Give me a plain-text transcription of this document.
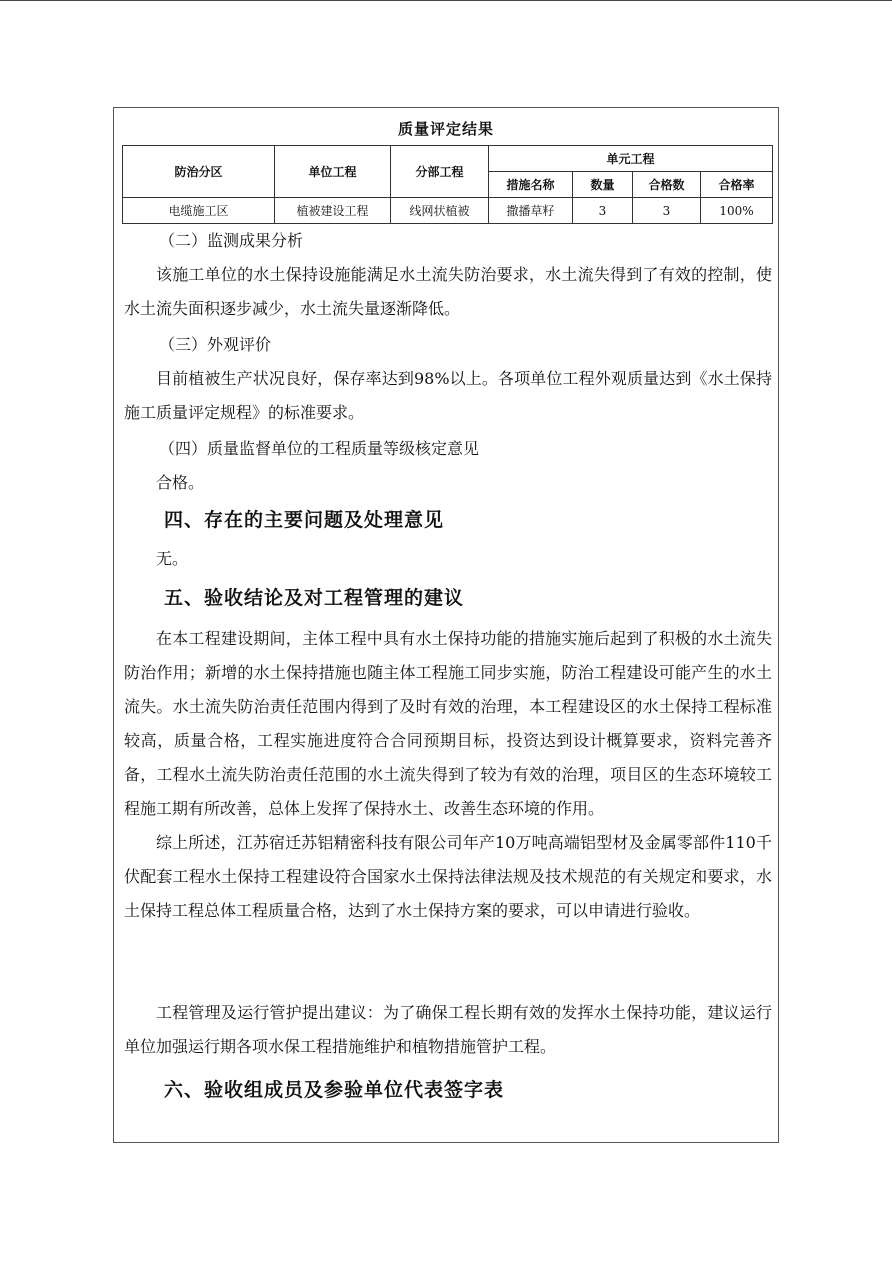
质量评定结果
防治分区	单位工程	分部工程	单元工程			
			措施名称	数量	合格数	合格率
电缆施工区	植被建设工程	线网状植被	撒播草籽	3	3	100%
（二）监测成果分析
该施工单位的水土保持设施能满足水土流失防治要求，水土流失得到了有效的控制，使水土流失面积逐步减少，水土流失量逐渐降低。
（三）外观评价
目前植被生产状况良好，保存率达到98%以上。各项单位工程外观质量达到《水土保持施工质量评定规程》的标准要求。
（四）质量监督单位的工程质量等级核定意见
合格。
四、存在的主要问题及处理意见
无。
五、验收结论及对工程管理的建议
在本工程建设期间，主体工程中具有水土保持功能的措施实施后起到了积极的水土流失防治作用；新增的水土保持措施也随主体工程施工同步实施，防治工程建设可能产生的水土流失。水土流失防治责任范围内得到了及时有效的治理，本工程建设区的水土保持工程标准较高，质量合格，工程实施进度符合合同预期目标，投资达到设计概算要求，资料完善齐备，工程水土流失防治责任范围的水土流失得到了较为有效的治理，项目区的生态环境较工程施工期有所改善，总体上发挥了保持水土、改善生态环境的作用。
综上所述，江苏宿迁苏铝精密科技有限公司年产10万吨高端铝型材及金属零部件110千伏配套工程水土保持工程建设符合国家水土保持法律法规及技术规范的有关规定和要求，水土保持工程总体工程质量合格，达到了水土保持方案的要求，可以申请进行验收。
工程管理及运行管护提出建议：为了确保工程长期有效的发挥水土保持功能，建议运行单位加强运行期各项水保工程措施维护和植物措施管护工程。
六、验收组成员及参验单位代表签字表
